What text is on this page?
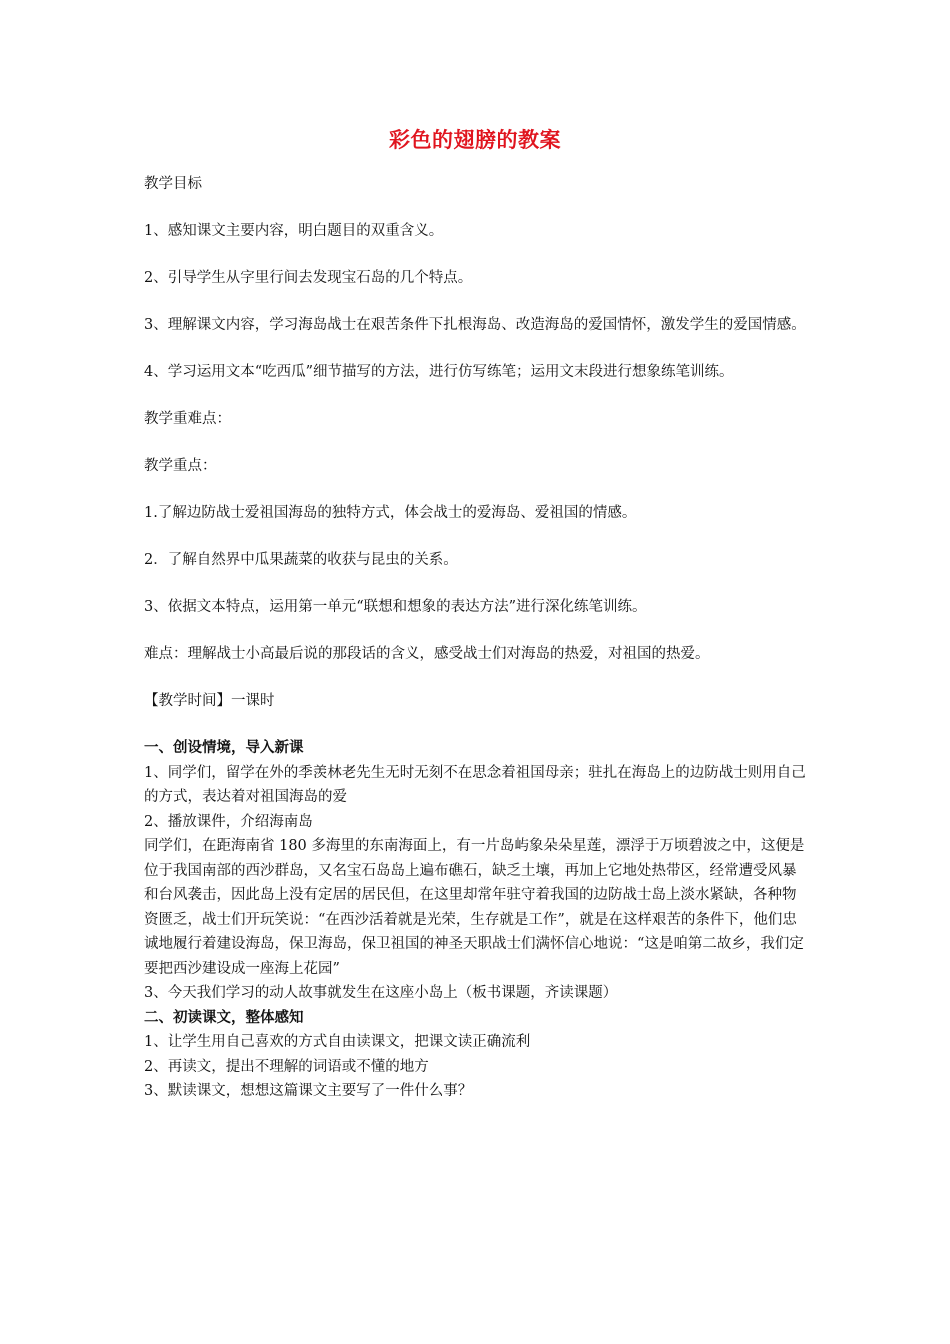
彩色的翅膀的教案

教学目标

1、感知课文主要内容，明白题目的双重含义。

2、引导学生从字里行间去发现宝石岛的几个特点。

3、理解课文内容，学习海岛战士在艰苦条件下扎根海岛、改造海岛的爱国情怀，激发学生的爱国情感。

4、学习运用文本“吃西瓜”细节描写的方法，进行仿写练笔；运用文末段进行想象练笔训练。

教学重难点：

教学重点：

1.了解边防战士爱祖国海岛的独特方式，体会战士的爱海岛、爱祖国的情感。

2．了解自然界中瓜果蔬菜的收获与昆虫的关系。

3、依据文本特点，运用第一单元“联想和想象的表达方法”进行深化练笔训练。

难点：理解战士小高最后说的那段话的含义，感受战士们对海岛的热爱，对祖国的热爱。

【教学时间】一课时

一、创设情境，导入新课

1、同学们，留学在外的季羡林老先生无时无刻不在思念着祖国母亲；驻扎在海岛上的边防战士则用自己的方式，表达着对祖国海岛的爱

2、播放课件，介绍海南岛

同学们，在距海南省 180 多海里的东南海面上，有一片岛屿象朵朵星莲，漂浮于万顷碧波之中，这便是位于我国南部的西沙群岛，又名宝石岛岛上遍布礁石，缺乏土壤，再加上它地处热带区，经常遭受风暴和台风袭击，因此岛上没有定居的居民但，在这里却常年驻守着我国的边防战士岛上淡水紧缺，各种物资匮乏，战士们开玩笑说：“在西沙活着就是光荣，生存就是工作”，就是在这样艰苦的条件下，他们忠诚地履行着建设海岛，保卫海岛，保卫祖国的神圣天职战士们满怀信心地说：“这是咱第二故乡，我们定要把西沙建设成一座海上花园”

3、今天我们学习的动人故事就发生在这座小岛上（板书课题，齐读课题）

二、初读课文，整体感知

1、让学生用自己喜欢的方式自由读课文，把课文读正确流利

2、再读文，提出不理解的词语或不懂的地方

3、默读课文，想想这篇课文主要写了一件什么事？
